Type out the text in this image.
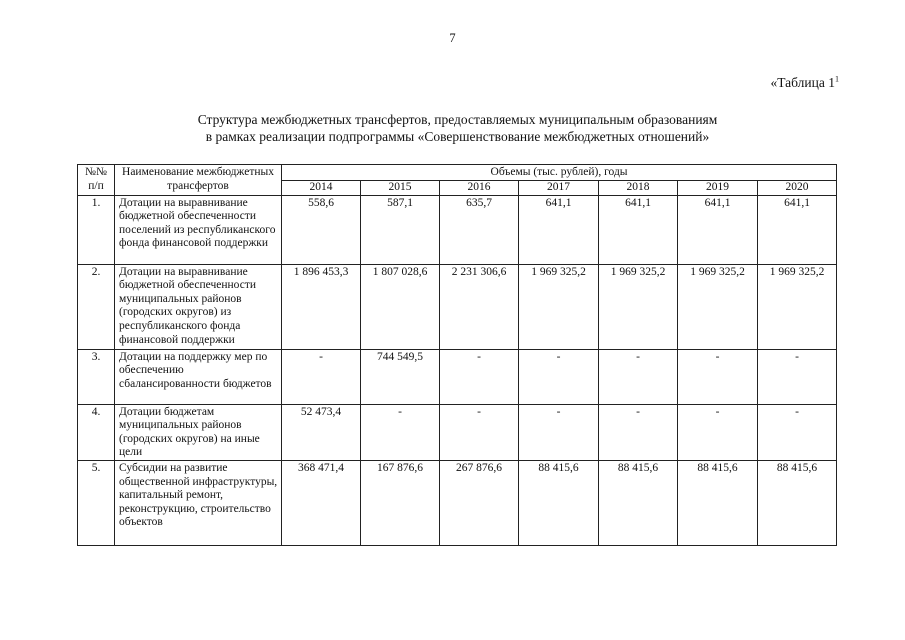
7
«Таблица $1^1$
Структура межбюджетных трансфертов, предоставляемых муниципальным образованиям
в рамках реализации подпрограммы «Совершенствование межбюджетных отношений»
№№ п/п	Наименование межбюджетных трансфертов	Объемы (тыс. рублей), годы						
		2014	2015	2016	2017	2018	2019	2020
1.	Дотации на выравнивание бюджетной обеспеченности поселений из республиканского фонда финансовой поддержки	558,6	587,1	635,7	641,1	641,1	641,1	641,1
2.	Дотации на выравнивание бюджетной обеспеченности муниципальных районов (городских округов) из республиканского фонда финансовой поддержки	1 896 453,3	1 807 028,6	2 231 306,6	1 969 325,2	1 969 325,2	1 969 325,2	1 969 325,2
3.	Дотации на поддержку мер по обеспечению сбалансированности бюджетов	-	744 549,5	-	-	-	-	-
4.	Дотации бюджетам муниципальных районов (городских округов) на иные цели	52 473,4	-	-	-	-	-	-
5.	Субсидии на развитие общественной инфраструктуры, капитальный ремонт, реконструкцию, строительство объектов	368 471,4	167 876,6	267 876,6	88 415,6	88 415,6	88 415,6	88 415,6
